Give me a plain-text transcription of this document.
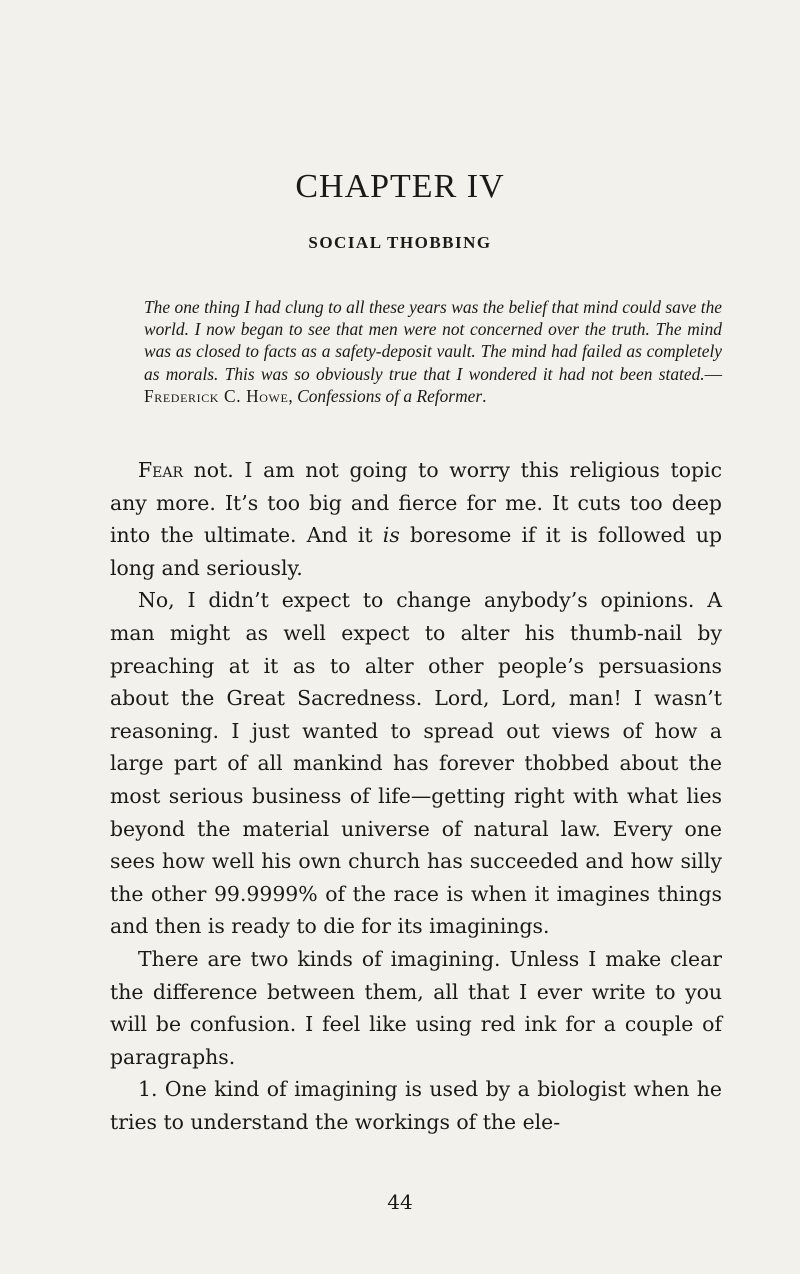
CHAPTER IV
SOCIAL THOBBING

The one thing I had clung to all these years was the belief that mind could save the world. I now began to see that men were not concerned over the truth. The mind was as closed to facts as a safety-deposit vault. The mind had failed as completely as morals. This was so obviously true that I wondered it had not been stated.—Frederick C. Howe, Confessions of a Reformer.

Fear not. I am not going to worry this religious topic any more. It’s too big and fierce for me. It cuts too deep into the ultimate. And it is boresome if it is followed up long and seriously.

No, I didn’t expect to change anybody’s opinions. A man might as well expect to alter his thumb-nail by preaching at it as to alter other people’s persuasions about the Great Sacredness. Lord, Lord, man! I wasn’t reasoning. I just wanted to spread out views of how a large part of all mankind has forever thobbed about the most serious business of life—getting right with what lies beyond the material universe of natural law. Every one sees how well his own church has succeeded and how silly the other 99.9999% of the race is when it imagines things and then is ready to die for its imaginings.

There are two kinds of imagining. Unless I make clear the difference between them, all that I ever write to you will be confusion. I feel like using red ink for a couple of paragraphs.

1. One kind of imagining is used by a biologist when he tries to understand the workings of the ele-

44
